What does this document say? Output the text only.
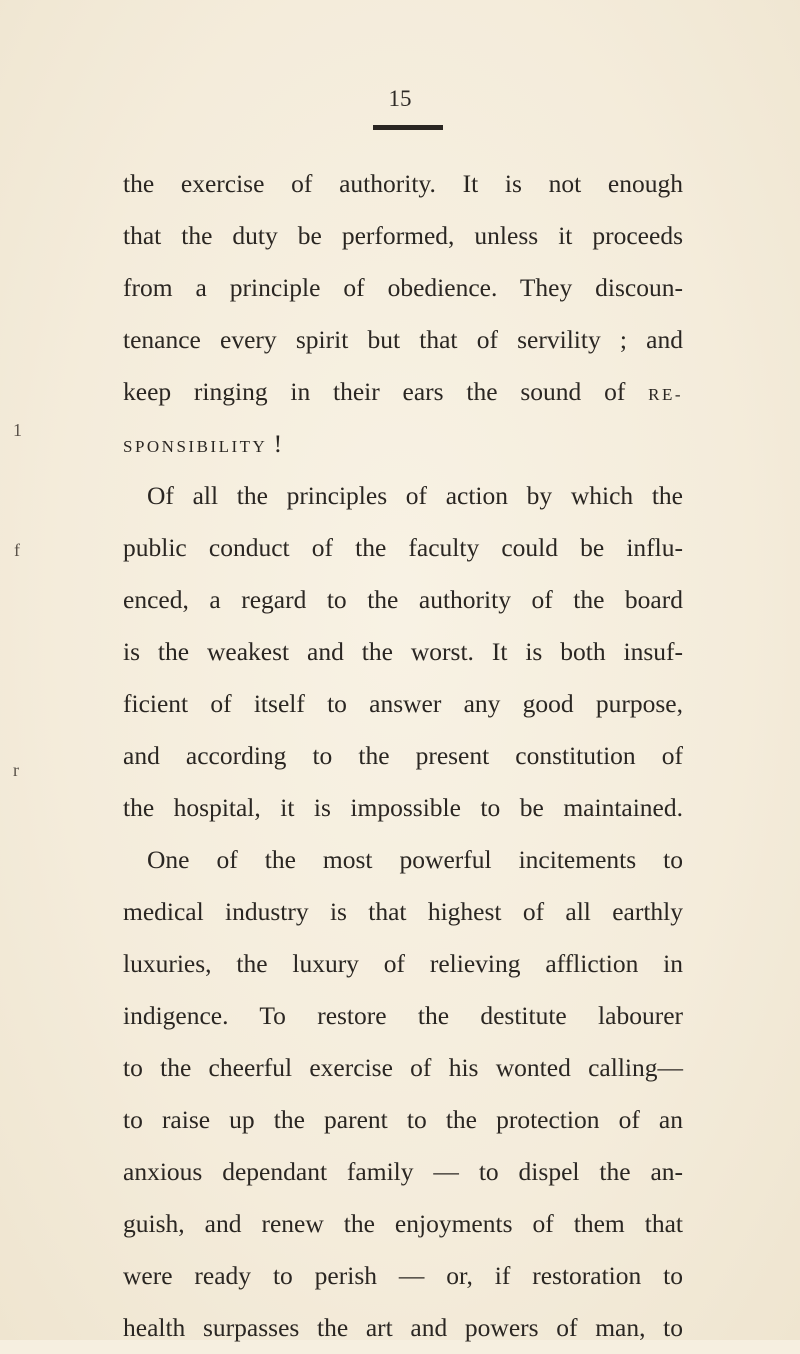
15
1
f
r
the exercise of authority. It is not enough
that the duty be performed, unless it proceeds
from a principle of obedience. They discoun-
tenance every spirit but that of servility ; and
keep ringing in their ears the sound of RE-
SPONSIBILITY !
Of all the principles of action by which the
public conduct of the faculty could be influ-
enced, a regard to the authority of the board
is the weakest and the worst. It is both insuf-
ficient of itself to answer any good purpose,
and according to the present constitution of
the hospital, it is impossible to be maintained.
One of the most powerful incitements to
medical industry is that highest of all earthly
luxuries, the luxury of relieving affliction in
indigence. To restore the destitute labourer
to the cheerful exercise of his wonted calling—
to raise up the parent to the protection of an
anxious dependant family — to dispel the an-
guish, and renew the enjoyments of them that
were ready to perish — or, if restoration to
health surpasses the art and powers of man, to
